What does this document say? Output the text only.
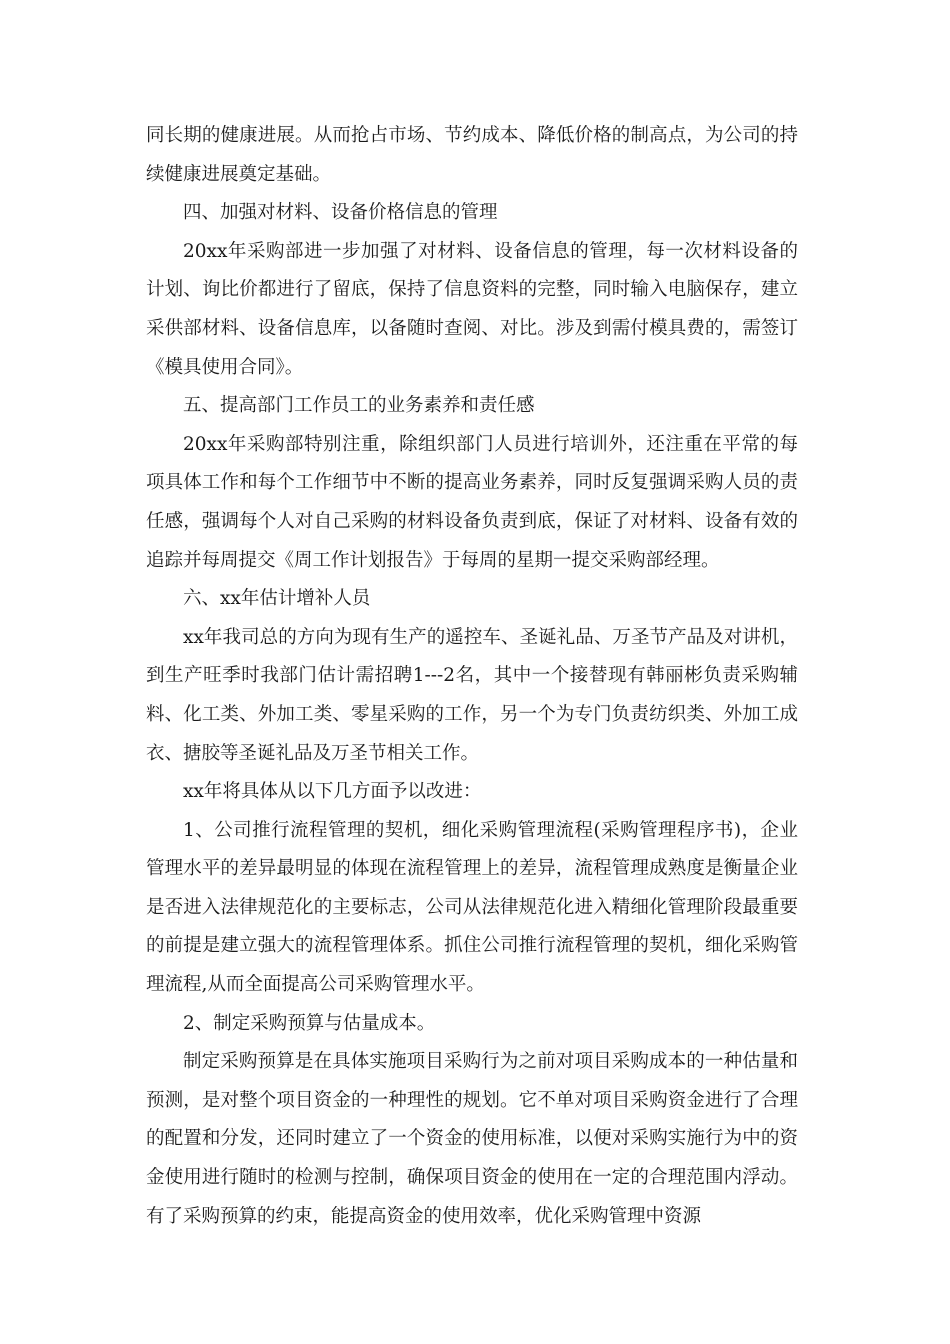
同长期的健康进展。从而抢占市场、节约成本、降低价格的制高点，为公司的持续健康进展奠定基础。

四、加强对材料、设备价格信息的管理

20xx年采购部进一步加强了对材料、设备信息的管理，每一次材料设备的计划、询比价都进行了留底，保持了信息资料的完整，同时输入电脑保存，建立采供部材料、设备信息库，以备随时查阅、对比。涉及到需付模具费的，需签订《模具使用合同》。

五、提高部门工作员工的业务素养和责任感

20xx年采购部特别注重，除组织部门人员进行培训外，还注重在平常的每项具体工作和每个工作细节中不断的提高业务素养，同时反复强调采购人员的责任感，强调每个人对自己采购的材料设备负责到底，保证了对材料、设备有效的追踪并每周提交《周工作计划报告》于每周的星期一提交采购部经理。

六、xx年估计增补人员

xx年我司总的方向为现有生产的遥控车、圣诞礼品、万圣节产品及对讲机，到生产旺季时我部门估计需招聘1---2名，其中一个接替现有韩丽彬负责采购辅料、化工类、外加工类、零星采购的工作，另一个为专门负责纺织类、外加工成衣、搪胶等圣诞礼品及万圣节相关工作。

xx年将具体从以下几方面予以改进：

1、公司推行流程管理的契机，细化采购管理流程(采购管理程序书)，企业管理水平的差异最明显的体现在流程管理上的差异，流程管理成熟度是衡量企业是否进入法律规范化的主要标志，公司从法律规范化进入精细化管理阶段最重要的前提是建立强大的流程管理体系。抓住公司推行流程管理的契机，细化采购管理流程,从而全面提高公司采购管理水平。

2、制定采购预算与估量成本。

制定采购预算是在具体实施项目采购行为之前对项目采购成本的一种估量和预测，是对整个项目资金的一种理性的规划。它不单对项目采购资金进行了合理的配置和分发，还同时建立了一个资金的使用标准，以便对采购实施行为中的资金使用进行随时的检测与控制，确保项目资金的使用在一定的合理范围内浮动。有了采购预算的约束，能提高资金的使用效率，优化采购管理中资源
